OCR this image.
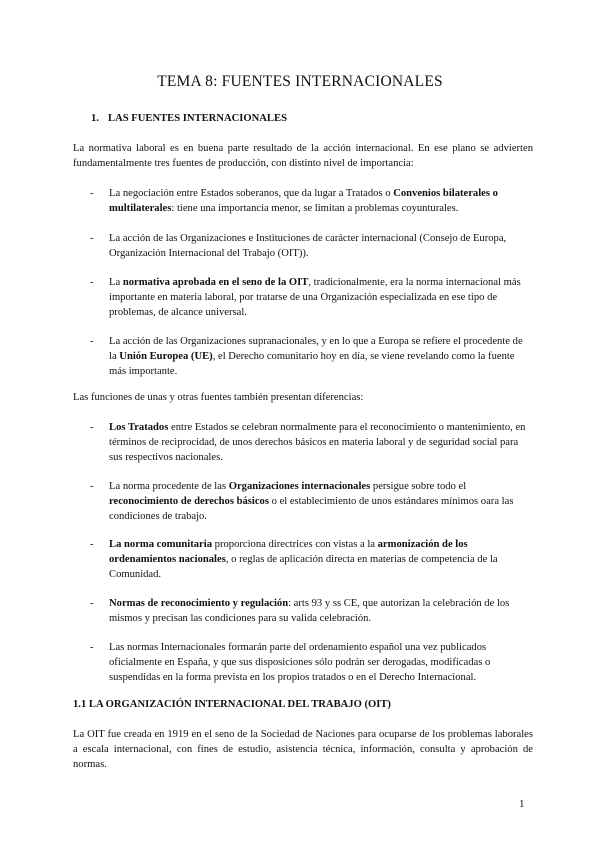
TEMA 8: FUENTES INTERNACIONALES
1. LAS FUENTES INTERNACIONALES
La normativa laboral es en buena parte resultado de la acción internacional. En ese plano se advierten fundamentalmente tres fuentes de producción, con distinto nivel de importancia:
- La negociación entre Estados soberanos, que da lugar a Tratados o Convenios bilaterales o multilaterales: tiene una importancia menor, se limitan a problemas coyunturales.
- La acción de las Organizaciones e Instituciones de carácter internacional (Consejo de Europa, Organización Internacional del Trabajo (OIT)).
- La normativa aprobada en el seno de la OIT, tradicionalmente, era la norma internacional más importante en materia laboral, por tratarse de una Organización especializada en ese tipo de problemas, de alcance universal.
- La acción de las Organizaciones supranacionales, y en lo que a Europa se refiere el procedente de la Unión Europea (UE), el Derecho comunitario hoy en día, se viene revelando como la fuente más importante.
Las funciones de unas y otras fuentes también presentan diferencias:
- Los Tratados entre Estados se celebran normalmente para el reconocimiento o mantenimiento, en términos de reciprocidad, de unos derechos básicos en materia laboral y de seguridad social para sus respectivos nacionales.
- La norma procedente de las Organizaciones internacionales persigue sobre todo el reconocimiento de derechos básicos o el establecimiento de unos estándares mínimos oara las condiciones de trabajo.
- La norma comunitaria proporciona directrices con vistas a la armonización de los ordenamientos nacionales, o reglas de aplicación directa en materias de competencia de la Comunidad.
- Normas de reconocimiento y regulación: arts 93 y ss CE, que autorizan la celebración de los mismos y precisan las condiciones para su valida celebración.
- Las normas Internacionales formarán parte del ordenamiento español una vez publicados oficialmente en España, y que sus disposiciones sólo podrán ser derogadas, modificadas o suspendidas en la forma prevista en los propios tratados o en el Derecho Internacional.
1.1 LA ORGANIZACIÓN INTERNACIONAL DEL TRABAJO (OIT)
La OIT fue creada en 1919 en el seno de la Sociedad de Naciones para ocuparse de los problemas laborales a escala internacional, con fines de estudio, asistencia técnica, información, consulta y aprobación de normas.
1
